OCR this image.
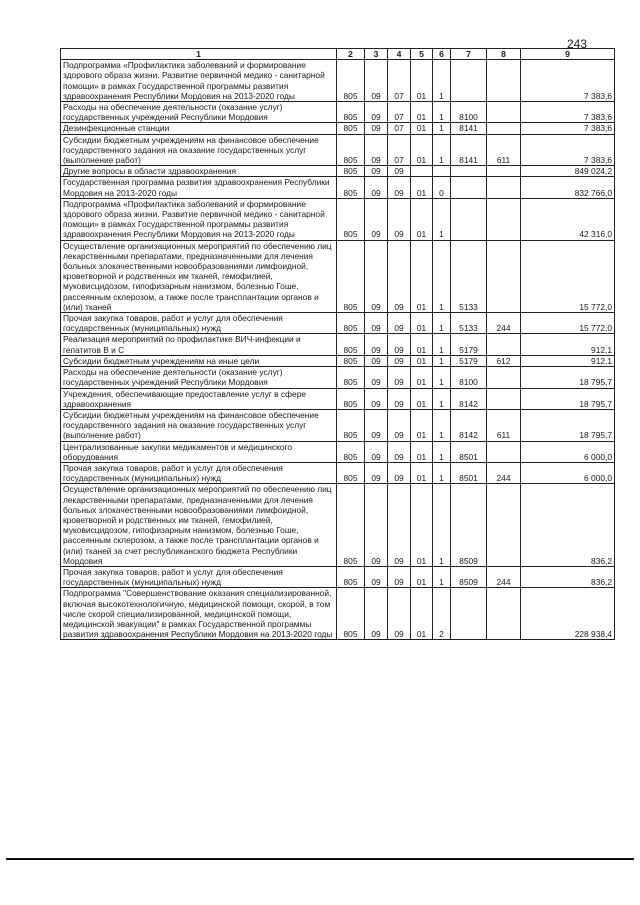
243
1	2	3	4	5	6	7	8	9
Подпрограмма «Профилактика заболеваний и формирование здорового образа жизни. Развитие первичной медико - санитарной помощи» в рамках Государственной программы развития здравоохранения Республики Мордовия на 2013-2020 годы	805	09	07	01	1			7 383,6
Расходы на обеспечение деятельности (оказание услуг) государственных учреждений Республики Мордовия	805	09	07	01	1	8100		7 383,6
Дезинфекционные станции	805	09	07	01	1	8141		7 383,6
Субсидии бюджетным учреждениям на финансовое обеспечение государственного задания на оказание государственных услуг (выполнение работ)	805	09	07	01	1	8141	611	7 383,6
Другие вопросы в области здравоохранения	805	09	09					849 024,2
Государственная программа развития здравоохранения Республики Мордовия на 2013-2020 годы	805	09	09	01	0			832 766,0
Подпрограмма «Профилактика заболеваний и формирование здорового образа жизни. Развитие первичной медико - санитарной помощи» в рамках Государственной программы развития здравоохранения Республики Мордовия на 2013-2020 годы	805	09	09	01	1			42 316,0
Осуществление организационных мероприятий по обеспечению лиц лекарственными препаратами, предназначенными для лечения больных злокачественными новообразованиями лимфоидной, кроветворной и родственных им тканей, гемофилией, муковисцидозом, гипофизарным нанизмом, болезнью Гоше, рассеянным склерозом, а также после трансплантации органов и (или) тканей	805	09	09	01	1	5133		15 772,0
Прочая закупка товаров, работ и услуг для обеспечения государственных (муниципальных) нужд	805	09	09	01	1	5133	244	15 772,0
Реализация мероприятий по профилактике ВИЧ-инфекции и гепатитов В и С	805	09	09	01	1	5179		912,1
Субсидии бюджетным учреждениям на иные цели	805	09	09	01	1	5179	612	912,1
Расходы на обеспечение деятельности (оказание услуг) государственных учреждений Республики Мордовия	805	09	09	01	1	8100		18 795,7
Учреждения, обеспечивающие предоставление услуг в сфере здравоохранения	805	09	09	01	1	8142		18 795,7
Субсидии бюджетным учреждениям на финансовое обеспечение государственного задания на оказание государственных услуг (выполнение работ)	805	09	09	01	1	8142	611	18 795,7
Централизованные закупки медикаментов и медицинского оборудования	805	09	09	01	1	8501		6 000,0
Прочая закупка товаров, работ и услуг для обеспечения государственных (муниципальных) нужд	805	09	09	01	1	8501	244	6 000,0
Осуществление организационных мероприятий по обеспечению лиц лекарственными препаратами, предназначенными для лечения больных злокачественными новообразованиями лимфоидной, кроветворной и родственных им тканей, гемофилией, муковисцидозом, гипофизарным нанизмом, болезнью Гоше, рассеянным склерозом, а также после трансплантации органов и (или) тканей за счет республиканского бюджета Республики Мордовия	805	09	09	01	1	8509		836,2
Прочая закупка товаров, работ и услуг для обеспечения государственных (муниципальных) нужд	805	09	09	01	1	8509	244	836,2
Подпрограмма "Совершенствование оказания специализированной, включая высокотехнологичную, медицинской помощи, скорой, в том числе скорой специализированной, медицинской помощи, медицинской эвакуации" в рамках Государственной программы развития здравоохранения Республики Мордовия на 2013-2020 годы	805	09	09	01	2			228 938,4
